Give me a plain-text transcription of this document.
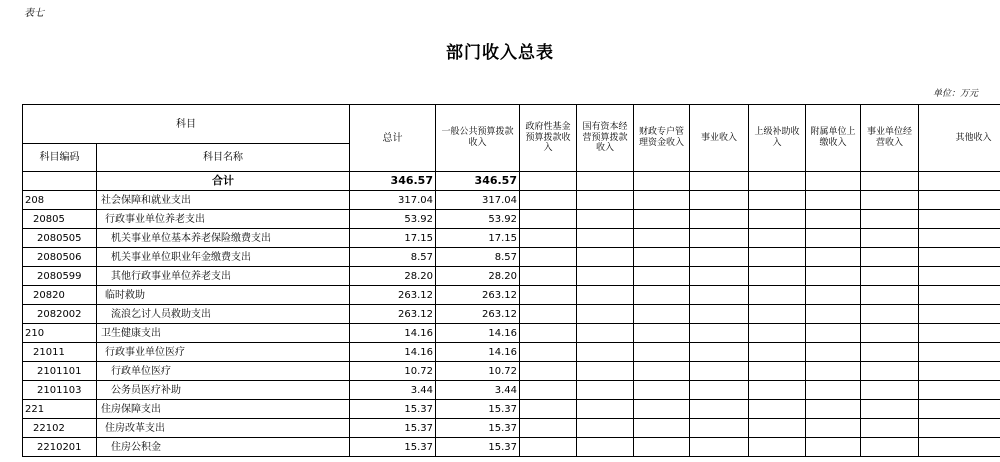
表七
部门收入总表
单位：万元
科目		总计	一般公共预算拨款收入	政府性基金预算拨款收入	国有资本经营预算拨款收入	财政专户管理资金收入	事业收入	上级补助收入	附属单位上缴收入	事业单位经营收入	其他收入
科目编码	科目名称										
	合计	346.57	346.57								
208	社会保障和就业支出	317.04	317.04								
20805	行政事业单位养老支出	53.92	53.92								
2080505	机关事业单位基本养老保险缴费支出	17.15	17.15								
2080506	机关事业单位职业年金缴费支出	8.57	8.57								
2080599	其他行政事业单位养老支出	28.20	28.20								
20820	临时救助	263.12	263.12								
2082002	流浪乞讨人员救助支出	263.12	263.12								
210	卫生健康支出	14.16	14.16								
21011	行政事业单位医疗	14.16	14.16								
2101101	行政单位医疗	10.72	10.72								
2101103	公务员医疗补助	3.44	3.44								
221	住房保障支出	15.37	15.37								
22102	住房改革支出	15.37	15.37								
2210201	住房公积金	15.37	15.37								
